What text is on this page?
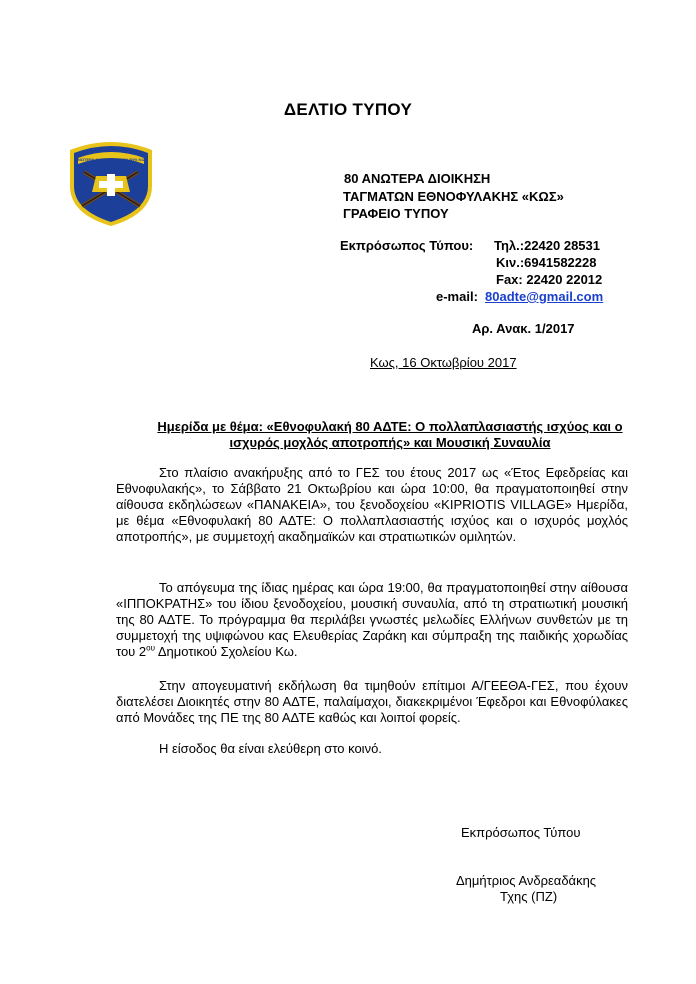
ΔΕΛΤΙΟ ΤΥΠΟΥ
ΑΝΩΤΕΡΑ ΔΙΟΙΚ ΤΑΓΜ ΕΘΝ ΦΥΛ ΚΩΣ
80 ΑΝΩΤΕΡΑ ΔΙΟΙΚΗΣΗ
ΤΑΓΜΑΤΩΝ ΕΘΝΟΦΥΛΑΚΗΣ «ΚΩΣ»
ΓΡΑΦΕΙΟ ΤΥΠΟΥ
Εκπρόσωπος Τύπου: Τηλ.:22420 28531
Κιν.:6941582228
Fax: 22420 22012
e-mail: 80adte@gmail.com
Αρ. Ανακ. 1/2017
Κως, 16 Οκτωβρίου 2017
Ημερίδα με θέμα: «Εθνοφυλακή 80 ΑΔΤΕ: Ο πολλαπλασιαστής ισχύος και ο ισχυρός μοχλός αποτροπής» και Μουσική Συναυλία
Στο πλαίσιο ανακήρυξης από το ΓΕΣ του έτους 2017 ως «Έτος Εφεδρείας και Εθνοφυλακής», το Σάββατο 21 Οκτωβρίου και ώρα 10:00, θα πραγματοποιηθεί στην αίθουσα εκδηλώσεων «ΠΑΝΑΚΕΙΑ», του ξενοδοχείου «KIPRIOTIS VILLAGE» Ημερίδα, με θέμα «Εθνοφυλακή 80 ΑΔΤΕ: Ο πολλαπλασιαστής ισχύος και ο ισχυρός μοχλός αποτροπής», με συμμετοχή ακαδημαϊκών και στρατιωτικών ομιλητών.
Το απόγευμα της ίδιας ημέρας και ώρα 19:00, θα πραγματοποιηθεί στην αίθουσα «ΙΠΠΟΚΡΑΤΗΣ» του ίδιου ξενοδοχείου, μουσική συναυλία, από τη στρατιωτική μουσική της 80 ΑΔΤΕ. Το πρόγραμμα θα περιλάβει γνωστές μελωδίες Ελλήνων συνθετών με τη συμμετοχή της υψιφώνου κας Ελευθερίας Ζαράκη και σύμπραξη της παιδικής χορωδίας του $2^{o\upsilon}$ Δημοτικού Σχολείου Κω.
Στην απογευματινή εκδήλωση θα τιμηθούν επίτιμοι Α/ΓΕΕΘΑ-ΓΕΣ, που έχουν διατελέσει Διοικητές στην 80 ΑΔΤΕ, παλαίμαχοι, διακεκριμένοι Έφεδροι και Εθνοφύλακες από Μονάδες της ΠΕ της 80 ΑΔΤΕ καθώς και λοιποί φορείς.
Η είσοδος θα είναι ελεύθερη στο κοινό.
Εκπρόσωπος Τύπου
Δημήτριος Ανδρεαδάκης
Τχης (ΠΖ)
